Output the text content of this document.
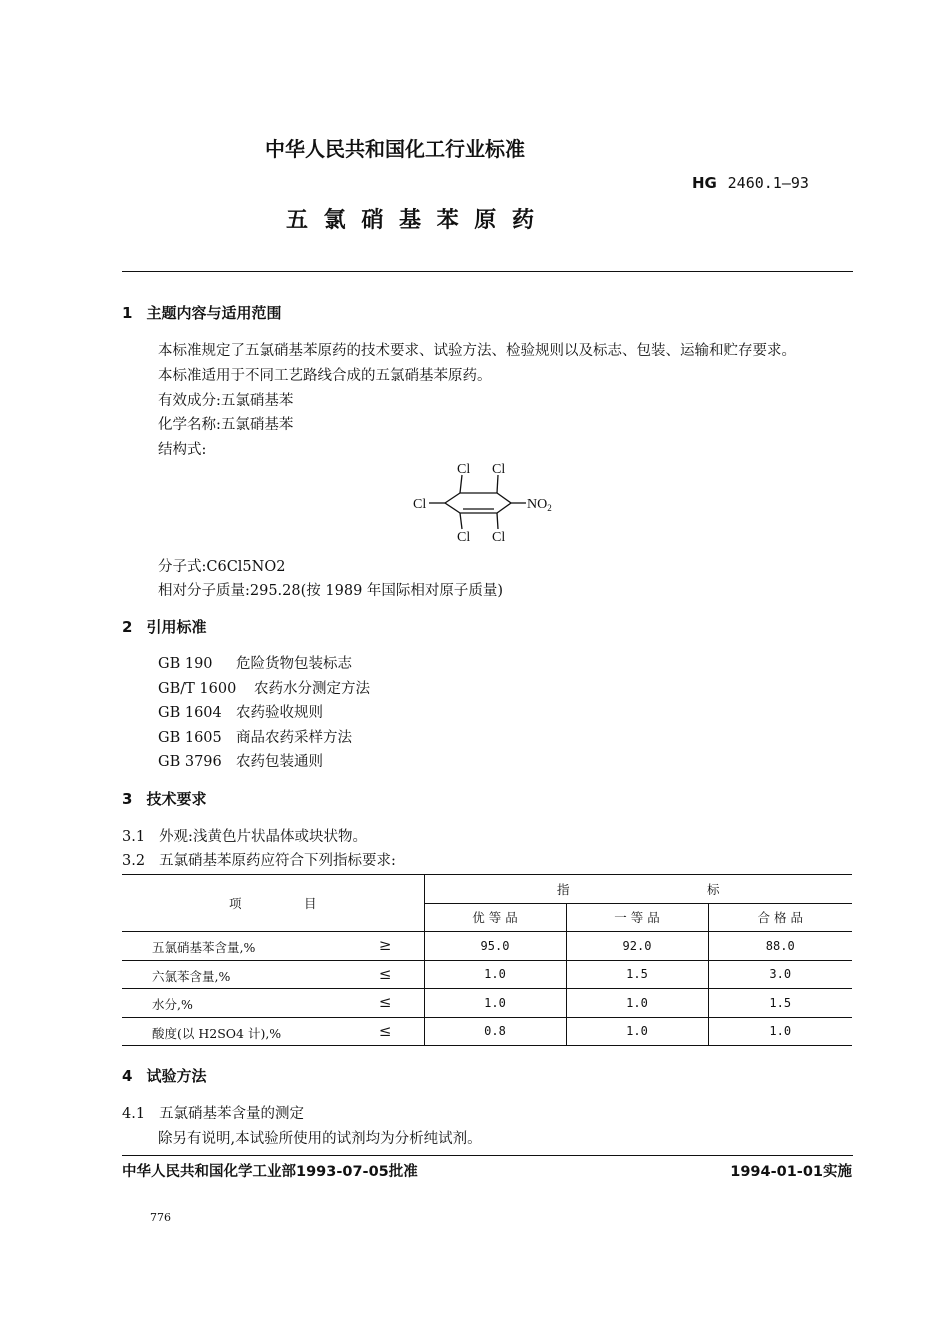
中华人民共和国化工行业标准
HG 2460.1—93
五 氯 硝 基 苯 原 药
1 主题内容与适用范围
本标准规定了五氯硝基苯原药的技术要求、试验方法、检验规则以及标志、包装、运输和贮存要求。
本标准适用于不同工艺路线合成的五氯硝基苯原药。
有效成分:五氯硝基苯
化学名称:五氯硝基苯
结构式:
Cl Cl
Cl
Cl Cl
$NO_2$
分子式:C6Cl5NO2
相对分子质量:295.28(按 1989 年国际相对原子质量)
2 引用标准
GB 190 危险货物包装标志
GB/T 1600 农药水分测定方法
GB 1604 农药验收规则
GB 1605 商品农药采样方法
GB 3796 农药包装通则
3 技术要求
3.1 外观:浅黄色片状晶体或块状物。
3.2 五氯硝基苯原药应符合下列指标要求:
项　　　　　目	指　　　　　　　　　　　标		
	优 等 品	一 等 品	合 格 品

五氯硝基苯含量,% ≥	95.0	92.0	88.0

六氯苯含量,% ≤	1.0	1.5	3.0

水分,% ≤	1.0	1.0	1.5

酸度(以 H2SO4 计),% ≤	0.8	1.0	1.0
4 试验方法
4.1 五氯硝基苯含量的测定
除另有说明,本试验所使用的试剂均为分析纯试剂。
中华人民共和国化学工业部1993-07-05批准	1994-01-01实施
776
